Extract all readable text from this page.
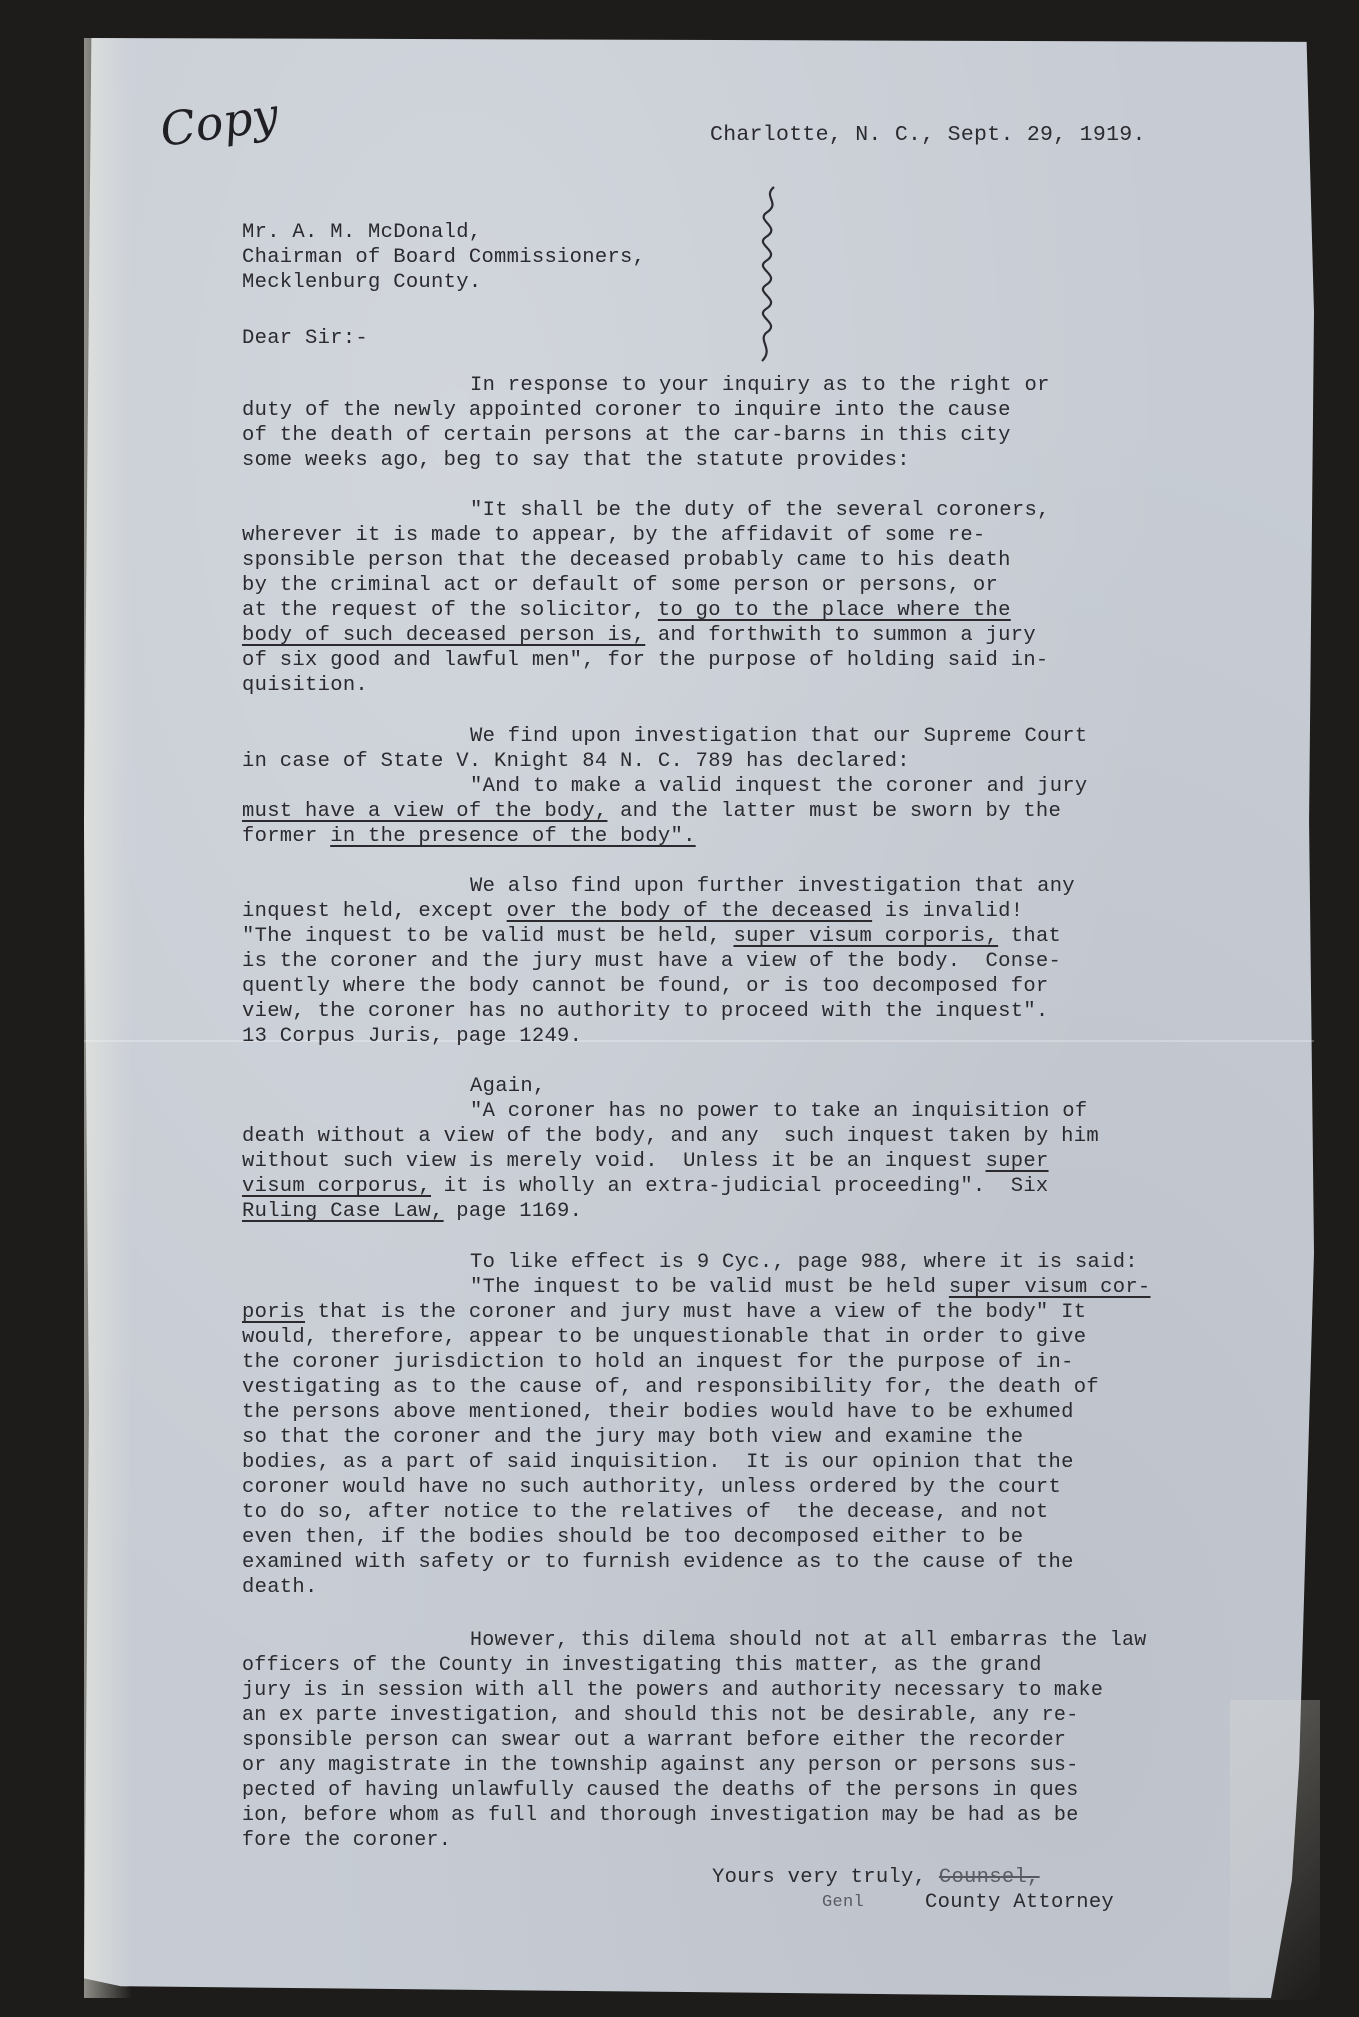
Copy	Charlotte, N. C., Sept. 29, 1919.
Mr. A. M. McDonald,
Chairman of Board Commissioners,
Mecklenburg County.
Dear Sir:-
In response to your inquiry as to the right or
duty of the newly appointed coroner to inquire into the cause
of the death of certain persons at the car-barns in this city
some weeks ago, beg to say that the statute provides:
"It shall be the duty of the several coroners,
wherever it is made to appear, by the affidavit of some re-
sponsible person that the deceased probably came to his death
by the criminal act or default of some person or persons, or
at the request of the solicitor, to go to the place where the
body of such deceased person is, and forthwith to summon a jury
of six good and lawful men", for the purpose of holding said in-
quisition.
We find upon investigation that our Supreme Court
in case of State V. Knight 84 N. C. 789 has declared:
"And to make a valid inquest the coroner and jury
must have a view of the body, and the latter must be sworn by the
former in the presence of the body".
We also find upon further investigation that any
inquest held, except over the body of the deceased is invalid!
"The inquest to be valid must be held, super visum corporis, that
is the coroner and the jury must have a view of the body.  Conse-
quently where the body cannot be found, or is too decomposed for
view, the coroner has no authority to proceed with the inquest".
13 Corpus Juris, page 1249.
Again,
"A coroner has no power to take an inquisition of
death without a view of the body, and any  such inquest taken by him
without such view is merely void.  Unless it be an inquest super
visum corporus, it is wholly an extra-judicial proceeding".  Six
Ruling Case Law, page 1169.
To like effect is 9 Cyc., page 988, where it is said:
"The inquest to be valid must be held super visum cor-
poris that is the coroner and jury must have a view of the body" It
would, therefore, appear to be unquestionable that in order to give
the coroner jurisdiction to hold an inquest for the purpose of in-
vestigating as to the cause of, and responsibility for, the death of
the persons above mentioned, their bodies would have to be exhumed
so that the coroner and the jury may both view and examine the
bodies, as a part of said inquisition.  It is our opinion that the
coroner would have no such authority, unless ordered by the court
to do so, after notice to the relatives of  the decease, and not
even then, if the bodies should be too decomposed either to be
examined with safety or to furnish evidence as to the cause of the
death.
However, this dilema should not at all embarras the law
officers of the County in investigating this matter, as the grand
jury is in session with all the powers and authority necessary to make
an ex parte investigation, and should this not be desirable, any re-
sponsible person can swear out a warrant before either the recorder
or any magistrate in the township against any person or persons sus-
pected of having unlawfully caused the deaths of the persons in ques
ion, before whom as full and thorough investigation may be had as be
fore the coroner.
Yours very truly, Counsel,
Genl	County Attorney
